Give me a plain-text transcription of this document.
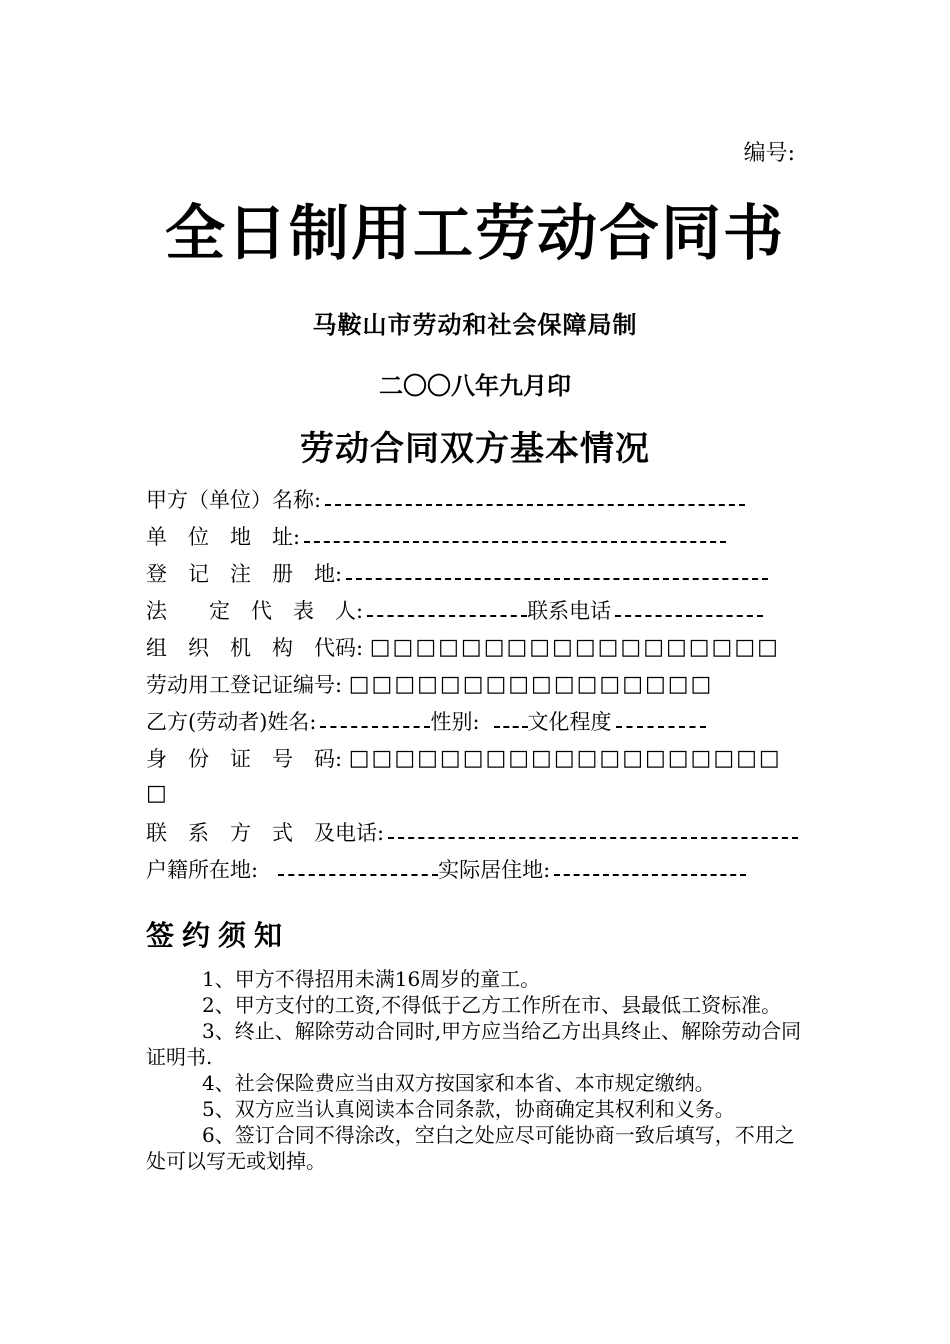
编号:
全日制用工劳动合同书
马鞍山市劳动和社会保障局制
二〇〇八年九月印
劳动合同双方基本情况
甲方（单位）名称:
单　位　地　址:
登　记　注　册　地:
法　　定　代　表　人:	联系电话
组　织　机　构　代码: □□□□□□□□□□□□□□□□□□
劳动用工登记证编号: □□□□□□□□□□□□□□□□
乙方(劳动者)姓名:	性别: 文化程度
身　份　证　号　码: □□□□□□□□□□□□□□□□□□□
□
联　系　方　式　及电话:
户籍所在地:	实际居住地:
签约须知

1、甲方不得招用未满16周岁的童工。

2、甲方支付的工资,不得低于乙方工作所在市、县最低工资标准。

3、终止、解除劳动合同时,甲方应当给乙方出具终止、解除劳动合同证明书.

4、社会保险费应当由双方按国家和本省、本市规定缴纳。

5、双方应当认真阅读本合同条款，协商确定其权利和义务。

6、签订合同不得涂改，空白之处应尽可能协商一致后填写，不用之处可以写无或划掉。
